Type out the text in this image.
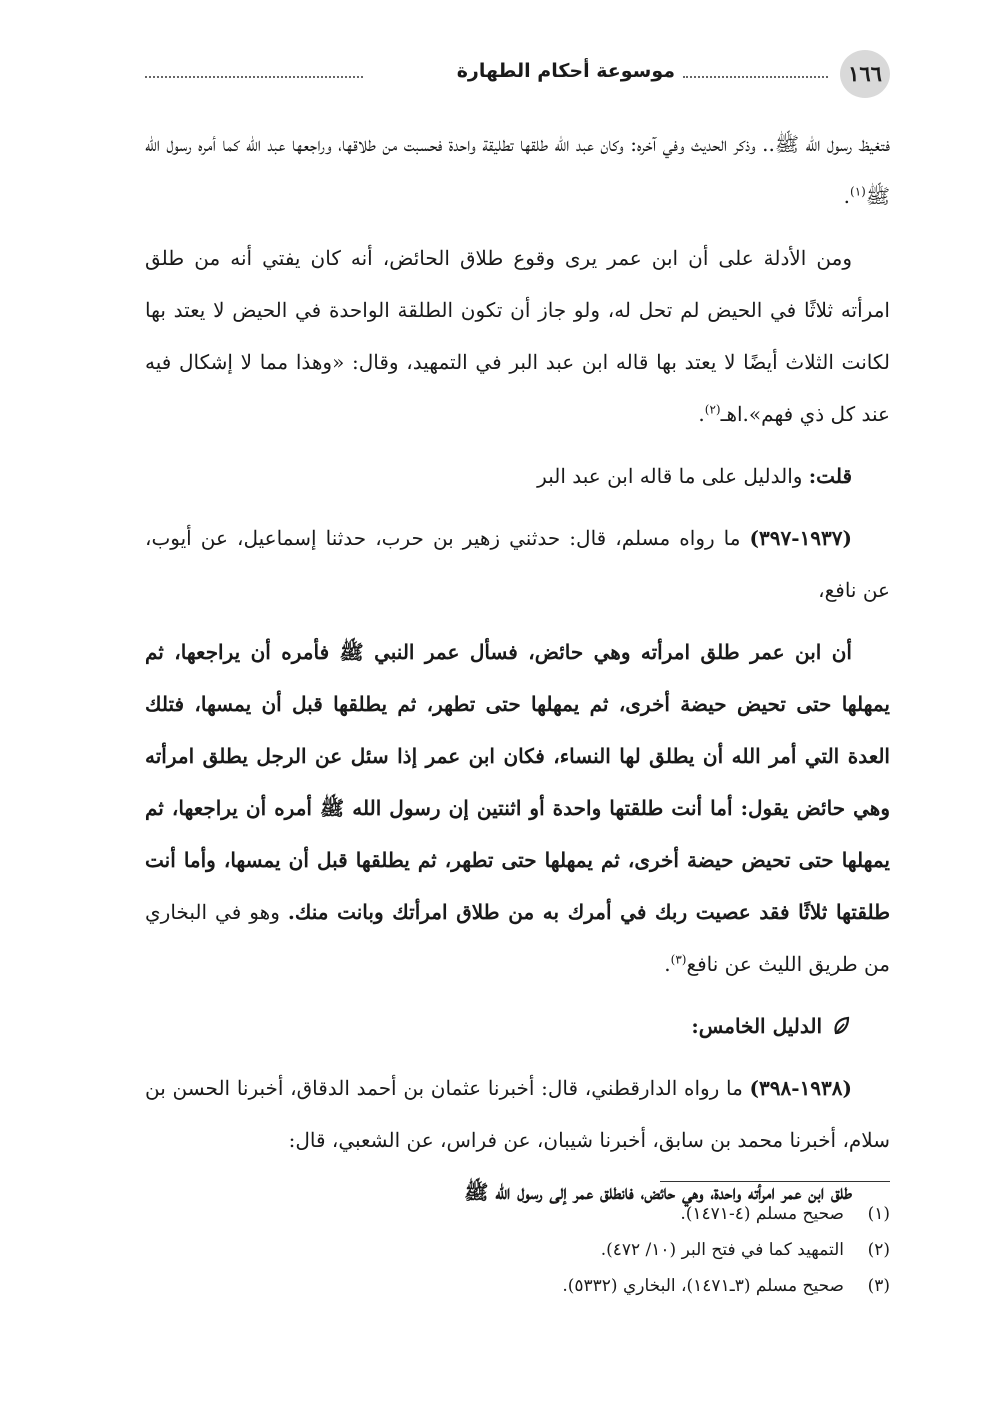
١٦٦
موسوعة أحكام الطهارة

فتغيظ رسول الله ﷺ.. وذكر الحديث وفي آخره: وكان عبد الله طلقها تطليقة واحدة فحسبت من طلاقها، وراجعها عبد الله كما أمره رسول الله ﷺ$^{(١)}$.

ومن الأدلة على أن ابن عمر يرى وقوع طلاق الحائض، أنه كان يفتي أنه من طلق امرأته ثلاثًا في الحيض لم تحل له، ولو جاز أن تكون الطلقة الواحدة في الحيض لا يعتد بها لكانت الثلاث أيضًا لا يعتد بها قاله ابن عبد البر في التمهيد، وقال: «وهذا مما لا إشكال فيه عند كل ذي فهم».اهـ$^{(٢)}$.

قلت: والدليل على ما قاله ابن عبد البر

(١٩٣٧-٣٩٧) ما رواه مسلم، قال: حدثني زهير بن حرب، حدثنا إسماعيل، عن أيوب، عن نافع،

أن ابن عمر طلق امرأته وهي حائض، فسأل عمر النبي ﷺ فأمره أن يراجعها، ثم يمهلها حتى تحيض حيضة أخرى، ثم يمهلها حتى تطهر، ثم يطلقها قبل أن يمسها، فتلك العدة التي أمر الله أن يطلق لها النساء، فكان ابن عمر إذا سئل عن الرجل يطلق امرأته وهي حائض يقول: أما أنت طلقتها واحدة أو اثنتين إن رسول الله ﷺ أمره أن يراجعها، ثم يمهلها حتى تحيض حيضة أخرى، ثم يمهلها حتى تطهر، ثم يطلقها قبل أن يمسها، وأما أنت طلقتها ثلاثًا فقد عصيت ربك في أمرك به من طلاق امرأتك وبانت منك. وهو في البخاري من طريق الليث عن نافع$^{(٣)}$.

الدليل الخامس:

(١٩٣٨-٣٩٨) ما رواه الدارقطني، قال: أخبرنا عثمان بن أحمد الدقاق، أخبرنا الحسن بن سلام، أخبرنا محمد بن سابق، أخبرنا شيبان، عن فراس، عن الشعبي، قال:

طلق ابن عمر امرأته واحدة، وهي حائض، فانطلق عمر إلى رسول الله ﷺ

(١)
صحيح مسلم (٤-١٤٧١).
(٢)
التمهيد كما في فتح البر (١٠/ ٤٧٢).
(٣)
صحيح مسلم (٣ـ١٤٧١)، البخاري (٥٣٣٢).
